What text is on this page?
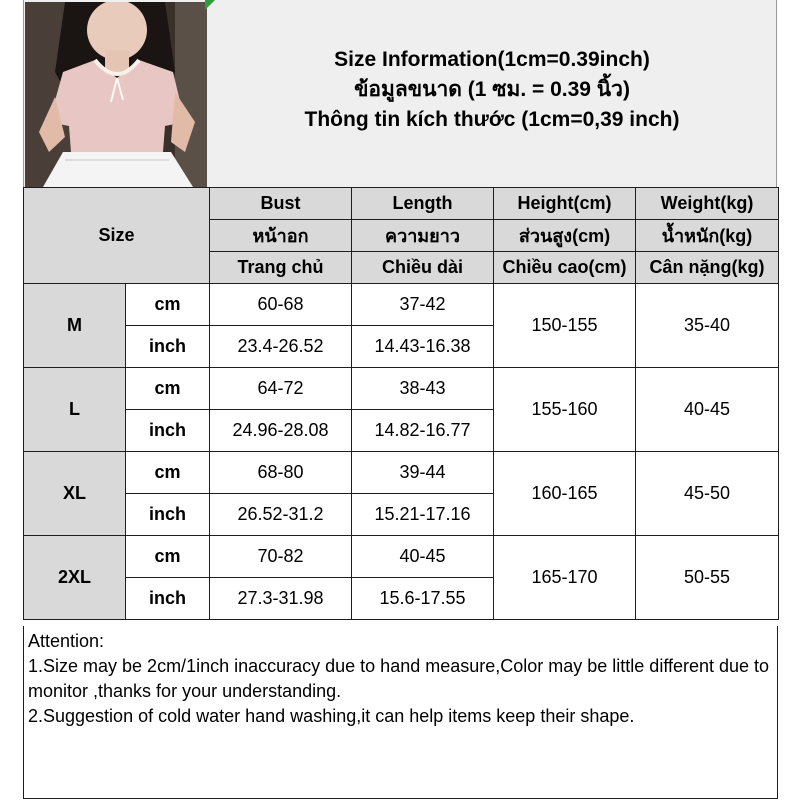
Size Information(1cm=0.39inch)
ข้อมูลขนาด (1 ซม. = 0.39 นิ้ว)
Thông tin kích thước (1cm=0,39 inch)
Size		Bust	Length	Height(cm)	Weight(kg)
		หน้าอก	ความยาว	ส่วนสูง(cm)	น้ำหนัก(kg)
		Trang chủ	Chiều dài	Chiều cao(cm)	Cân nặng(kg)
M	cm	60-68	37-42	150-155	35-40
	inch	23.4-26.52	14.43-16.38		
L	cm	64-72	38-43	155-160	40-45
	inch	24.96-28.08	14.82-16.77		
XL	cm	68-80	39-44	160-165	45-50
	inch	26.52-31.2	15.21-17.16		
2XL	cm	70-82	40-45	165-170	50-55
	inch	27.3-31.98	15.6-17.55		
Attention:
1.Size may be 2cm/1inch inaccuracy due to hand measure,Color may be little different due to monitor ,thanks for your understanding.
2.Suggestion of cold water hand washing,it can help items keep their shape.
